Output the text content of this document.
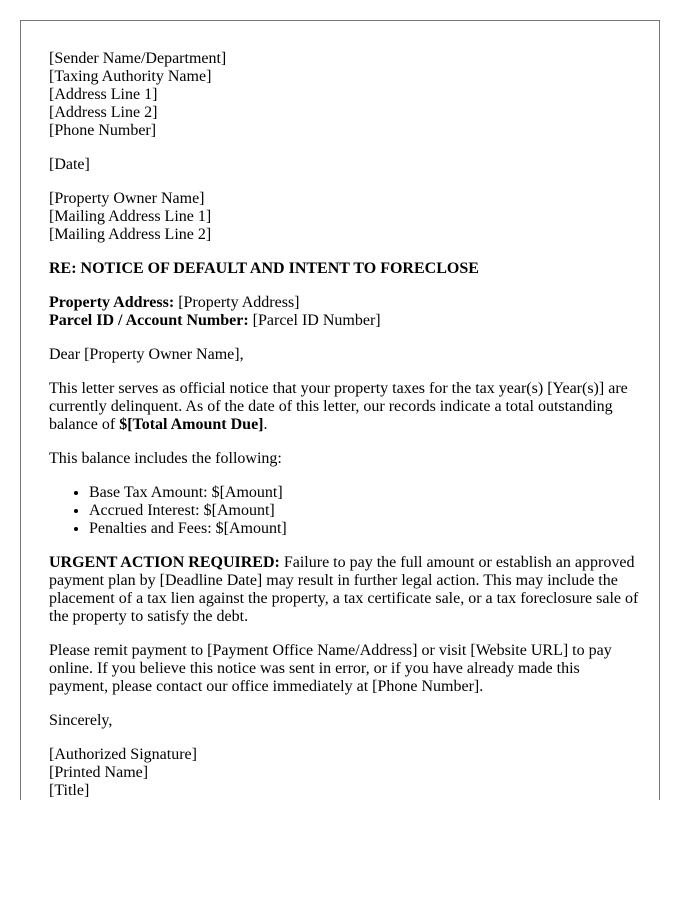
[Sender Name/Department]
[Taxing Authority Name]
[Address Line 1]
[Address Line 2]
[Phone Number]
[Date]
[Property Owner Name]
[Mailing Address Line 1]
[Mailing Address Line 2]
RE: NOTICE OF DEFAULT AND INTENT TO FORECLOSE
Property Address: [Property Address]
Parcel ID / Account Number: [Parcel ID Number]

Dear [Property Owner Name],

This letter serves as official notice that your property taxes for the tax year(s) [Year(s)] are currently delinquent. As of the date of this letter, our records indicate a total outstanding balance of $[Total Amount Due].

This balance includes the following:

• Base Tax Amount: $[Amount]
• Accrued Interest: $[Amount]
• Penalties and Fees: $[Amount]

URGENT ACTION REQUIRED: Failure to pay the full amount or establish an approved payment plan by [Deadline Date] may result in further legal action. This may include the placement of a tax lien against the property, a tax certificate sale, or a tax foreclosure sale of the property to satisfy the debt.

Please remit payment to [Payment Office Name/Address] or visit [Website URL] to pay online. If you believe this notice was sent in error, or if you have already made this payment, please contact our office immediately at [Phone Number].

Sincerely,

[Authorized Signature]
[Printed Name]
[Title]
